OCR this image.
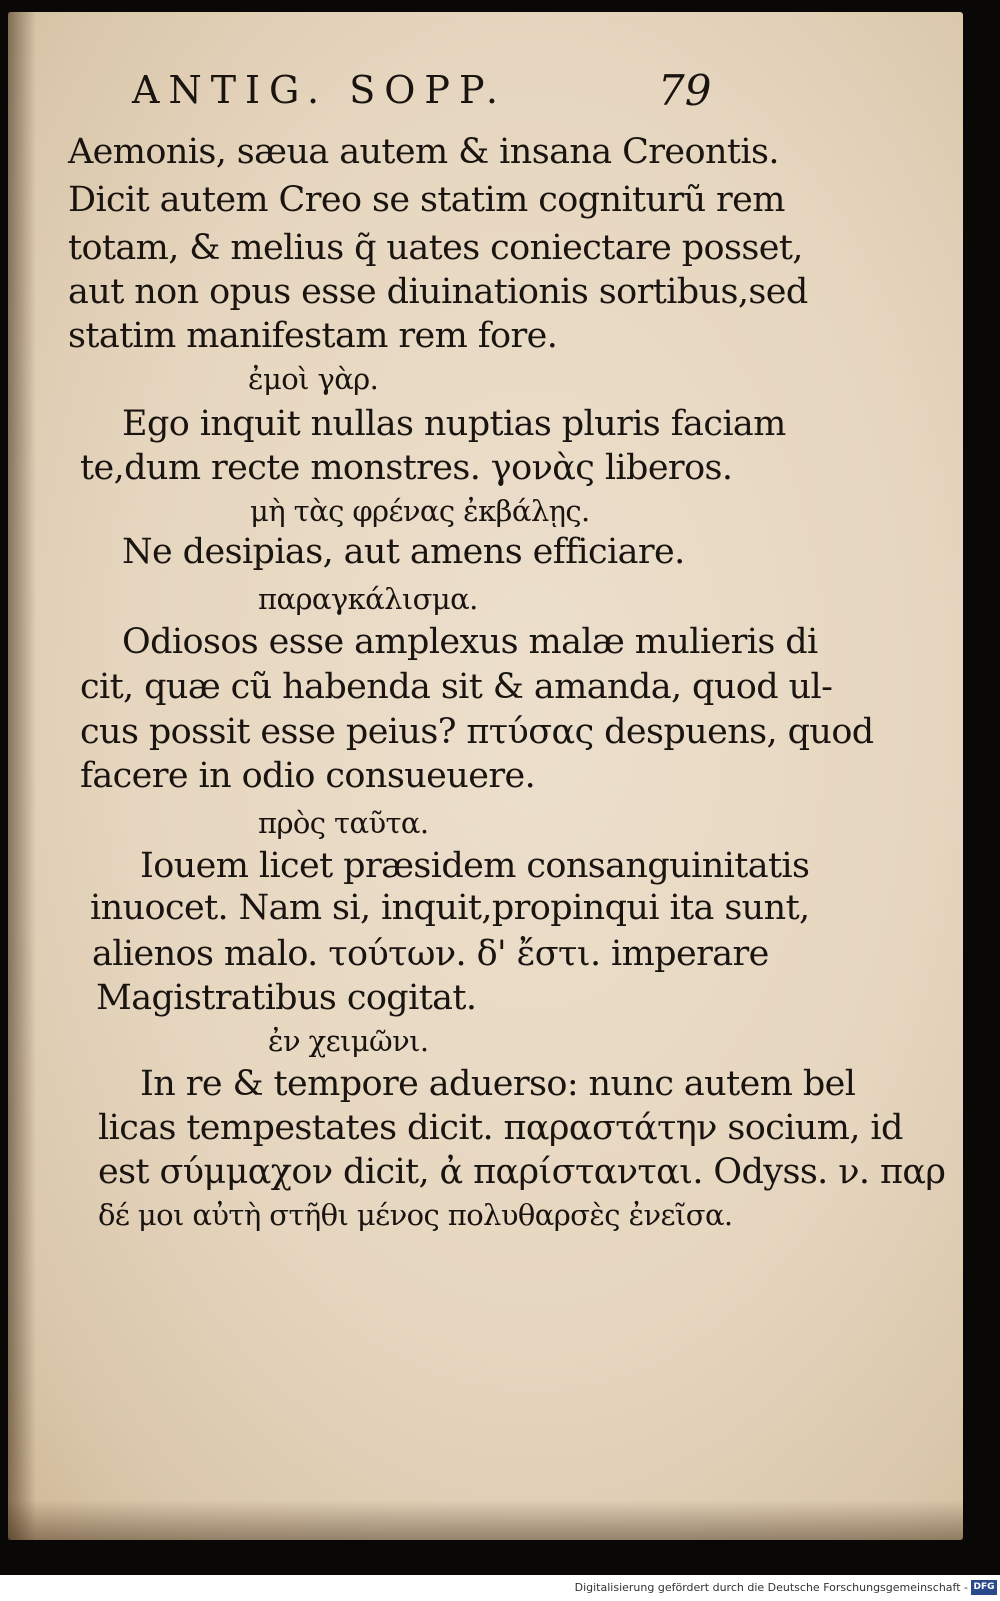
ANTIG. SOPP.	79
Aemonis, sæua autem & insana Creontis.
Dicit autem Creo se statim cogniturũ rem
totam, & melius q̃ uates coniectare posset,
aut non opus esse diuinationis sortibus,sed
statim manifestam rem fore.
ἐμοὶ γὰρ.
Ego inquit nullas nuptias pluris faciam
te,dum recte monstres. γονὰς liberos.
μὴ τὰς φρένας ἐκβάλῃς.
Ne desipias, aut amens efficiare.
παραγκάλισμα.
Odiosos esse amplexus malæ mulieris di
cit, quæ cũ habenda sit & amanda, quod ul-
cus possit esse peius? πτύσας despuens, quod
facere in odio consueuere.
πρὸς ταῦτα.
Iouem licet præsidem consanguinitatis
inuocet. Nam si, inquit,propinqui ita sunt,
alienos malo. τούτων. δ' ἔστι. imperare
Magistratibus cogitat.
ἐν χειμῶνι.
In re & tempore aduerso: nunc autem bel
licas tempestates dicit. παραστάτην socium, id
est σύμμαχον dicit, ἀ παρίστανται. Odyss. ν. παρ
δέ μοι αὐτὴ στῆθι μένος πολυθαρσὲς ἐνεῖσα.
Digitalisierung gefördert durch die Deutsche Forschungsgemeinschaft - DFG
